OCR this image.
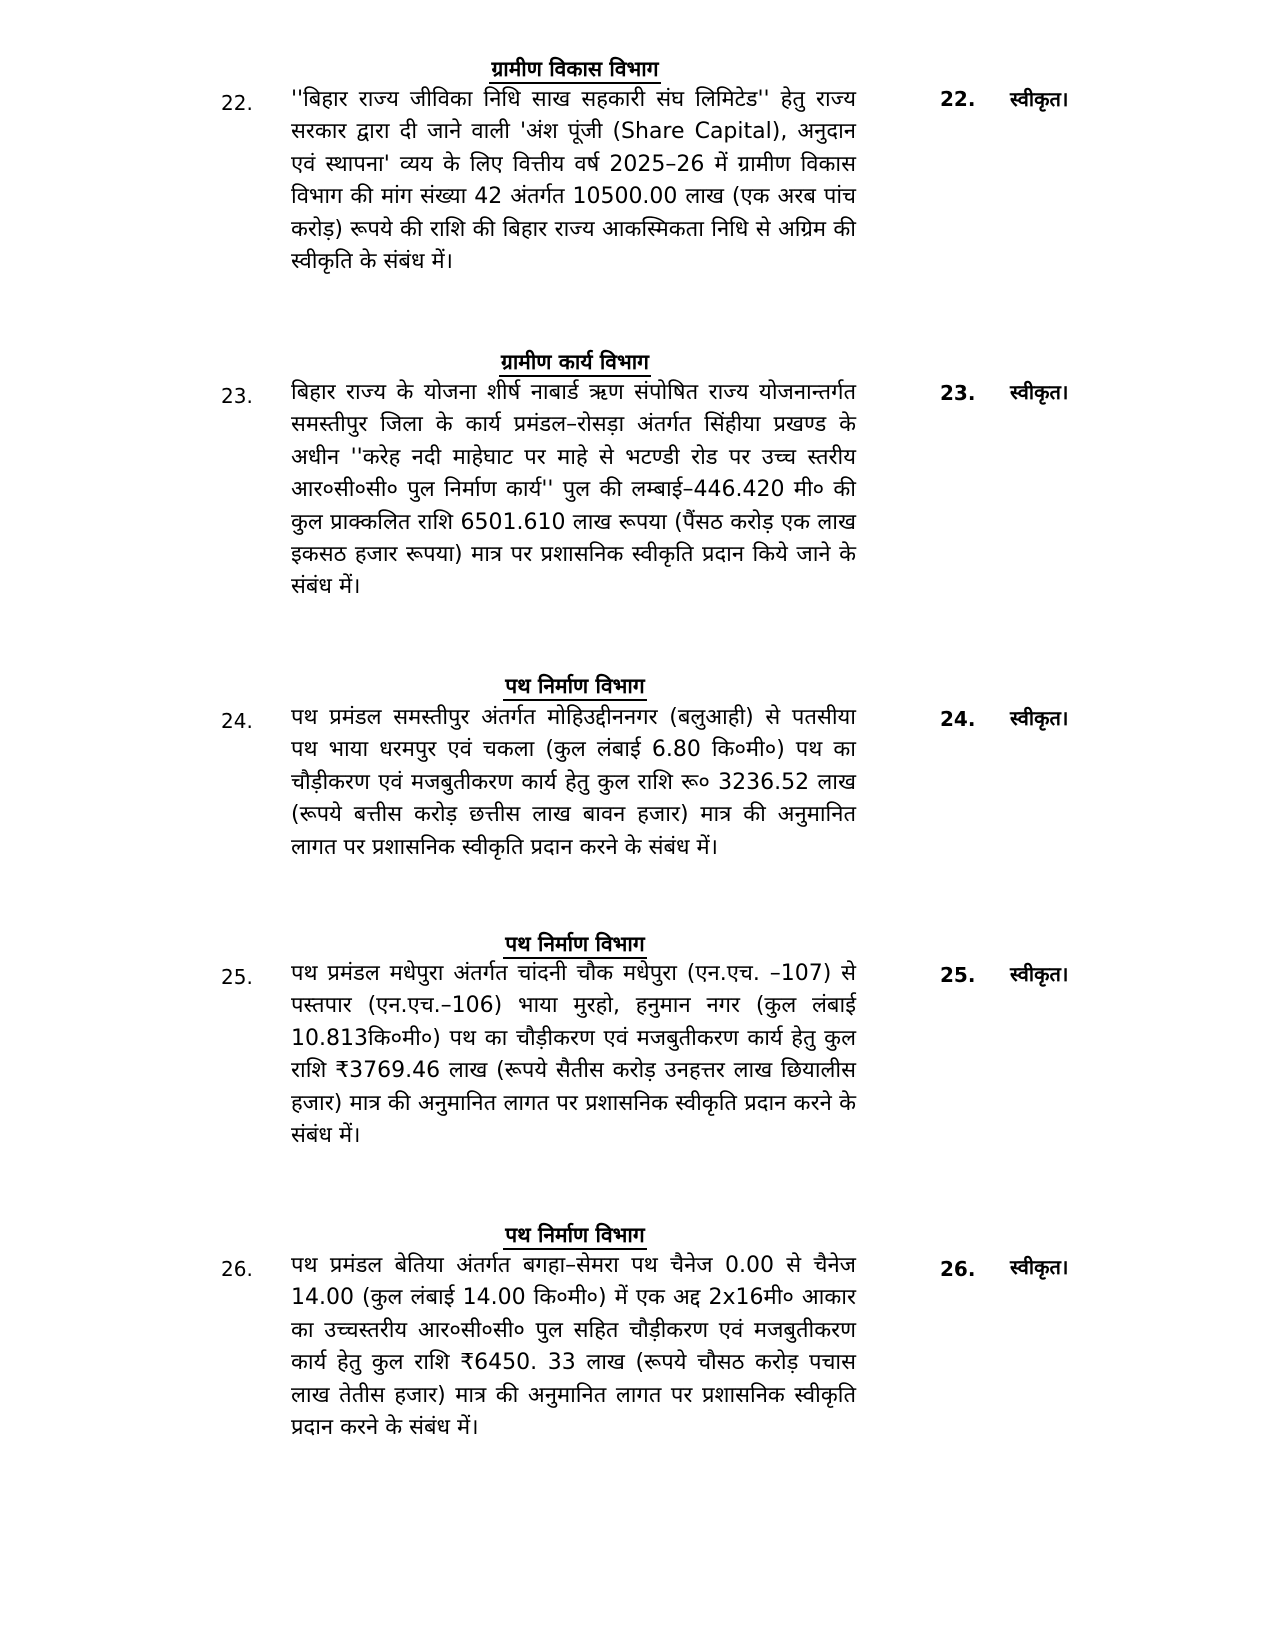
ग्रामीण विकास विभाग
22.	''बिहार राज्य जीविका निधि साख सहकारी संघ लिमिटेड'' हेतु राज्य सरकार द्वारा दी जाने वाली 'अंश पूंजी (Share Capital), अनुदान एवं स्थापना' व्यय के लिए वित्तीय वर्ष 2025–26 में ग्रामीण विकास विभाग की मांग संख्या 42 अंतर्गत 10500.00 लाख (एक अरब पांच करोड़) रूपये की राशि की बिहार राज्य आकस्मिकता निधि से अग्रिम की स्वीकृति के संबंध में।
22.	स्वीकृत।
ग्रामीण कार्य विभाग
23.	बिहार राज्य के योजना शीर्ष नाबार्ड ऋण संपोषित राज्य योजनान्तर्गत समस्तीपुर जिला के कार्य प्रमंडल–रोसड़ा अंतर्गत सिंहीया प्रखण्ड के अधीन ''करेह नदी माहेघाट पर माहे से भटण्डी रोड पर उच्च स्तरीय आर०सी०सी० पुल निर्माण कार्य'' पुल की लम्बाई–446.420 मी० की कुल प्राक्कलित राशि 6501.610 लाख रूपया (पैंसठ करोड़ एक लाख इकसठ हजार रूपया) मात्र पर प्रशासनिक स्वीकृति प्रदान किये जाने के संबंध में।
23.	स्वीकृत।
पथ निर्माण विभाग
24.	पथ प्रमंडल समस्तीपुर अंतर्गत मोहिउद्दीननगर (बलुआही) से पतसीया पथ भाया धरमपुर एवं चकला (कुल लंबाई 6.80 कि०मी०) पथ का चौड़ीकरण एवं मजबुतीकरण कार्य हेतु कुल राशि रू० 3236.52 लाख (रूपये बत्तीस करोड़ छत्तीस लाख बावन हजार) मात्र की अनुमानित लागत पर प्रशासनिक स्वीकृति प्रदान करने के संबंध में।
24.	स्वीकृत।
पथ निर्माण विभाग
25.	पथ प्रमंडल मधेपुरा अंतर्गत चांदनी चौक मधेपुरा (एन.एच. –107) से पस्तपार (एन.एच.–106) भाया मुरहो, हनुमान नगर (कुल लंबाई 10.813कि०मी०) पथ का चौड़ीकरण एवं मजबुतीकरण कार्य हेतु कुल राशि ₹3769.46 लाख (रूपये सैतीस करोड़ उनहत्तर लाख छियालीस हजार) मात्र की अनुमानित लागत पर प्रशासनिक स्वीकृति प्रदान करने के संबंध में।
25.	स्वीकृत।
पथ निर्माण विभाग
26.	पथ प्रमंडल बेतिया अंतर्गत बगहा–सेमरा पथ चैनेज 0.00 से चैनेज 14.00 (कुल लंबाई 14.00 कि०मी०) में एक अद्द 2x16मी० आकार का उच्चस्तरीय आर०सी०सी० पुल सहित चौड़ीकरण एवं मजबुतीकरण कार्य हेतु कुल राशि ₹6450. 33 लाख (रूपये चौसठ करोड़ पचास लाख तेतीस हजार) मात्र की अनुमानित लागत पर प्रशासनिक स्वीकृति प्रदान करने के संबंध में।
26.	स्वीकृत।
